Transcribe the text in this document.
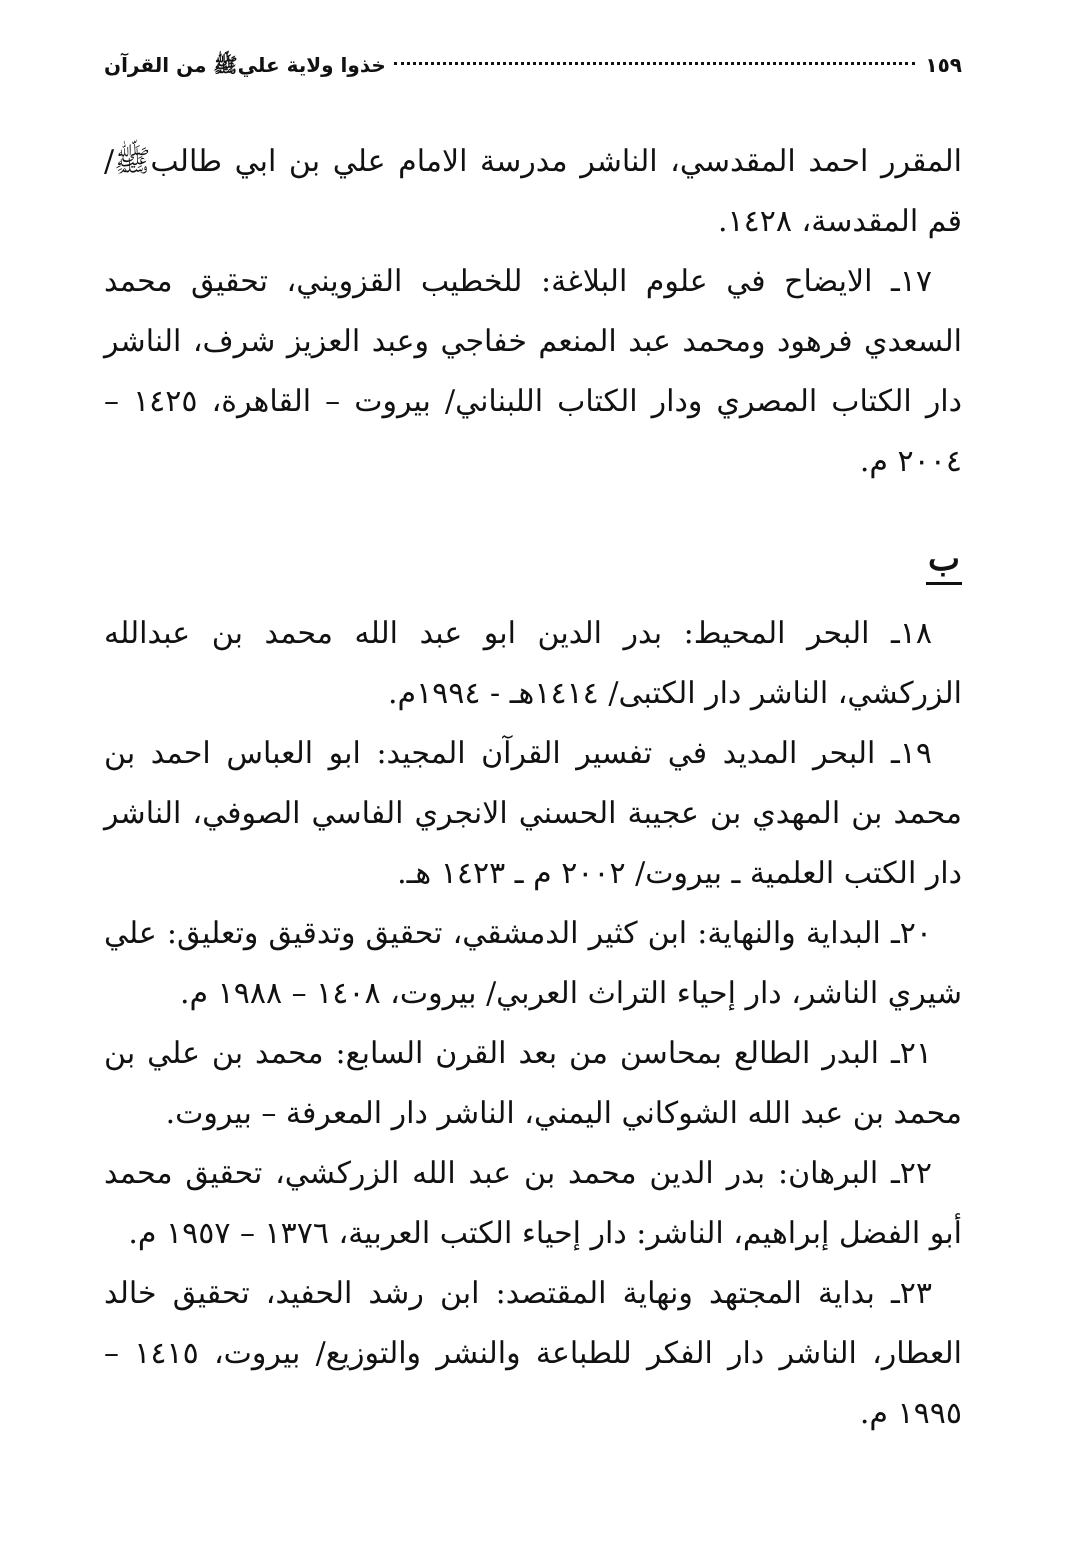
خذوا ولاية عليﷺ من القرآن	١٥٩

المقرر احمد المقدسي، الناشر مدرسة الامام علي بن ابي طالبﷺ/ قم المقدسة، ١٤٢٨.

١٧ـ الايضاح في علوم البلاغة: للخطيب القزويني، تحقيق محمد السعدي فرهود ومحمد عبد المنعم خفاجي وعبد العزيز شرف، الناشر دار الكتاب المصري ودار الكتاب اللبناني/ بيروت – القاهرة، ١٤٢٥ – ٢٠٠٤ م.

ب

١٨ـ البحر المحيط: بدر الدين ابو عبد الله محمد بن عبدالله الزركشي، الناشر دار الكتبى/ ١٤١٤هـ - ١٩٩٤م.

١٩ـ البحر المديد في تفسير القرآن المجيد: ابو العباس احمد بن محمد بن المهدي بن عجيبة الحسني الانجري الفاسي الصوفي، الناشر دار الكتب العلمية ـ بيروت/ ٢٠٠٢ م ـ ١٤٢٣ هـ.

٢٠ـ البداية والنهاية: ابن كثير الدمشقي، تحقيق وتدقيق وتعليق: علي شيري الناشر، دار إحياء التراث العربي/ بيروت، ١٤٠٨ – ١٩٨٨ م.

٢١ـ البدر الطالع بمحاسن من بعد القرن السابع: محمد بن علي بن محمد بن عبد الله الشوكاني اليمني، الناشر دار المعرفة – بيروت.

٢٢ـ البرهان: بدر الدين محمد بن عبد الله الزركشي، تحقيق محمد أبو الفضل إبراهيم، الناشر: دار إحياء الكتب العربية، ١٣٧٦ – ١٩٥٧ م.

٢٣ـ بداية المجتهد ونهاية المقتصد: ابن رشد الحفيد، تحقيق خالد العطار، الناشر دار الفكر للطباعة والنشر والتوزيع/ بيروت، ١٤١٥ – ١٩٩٥ م.
